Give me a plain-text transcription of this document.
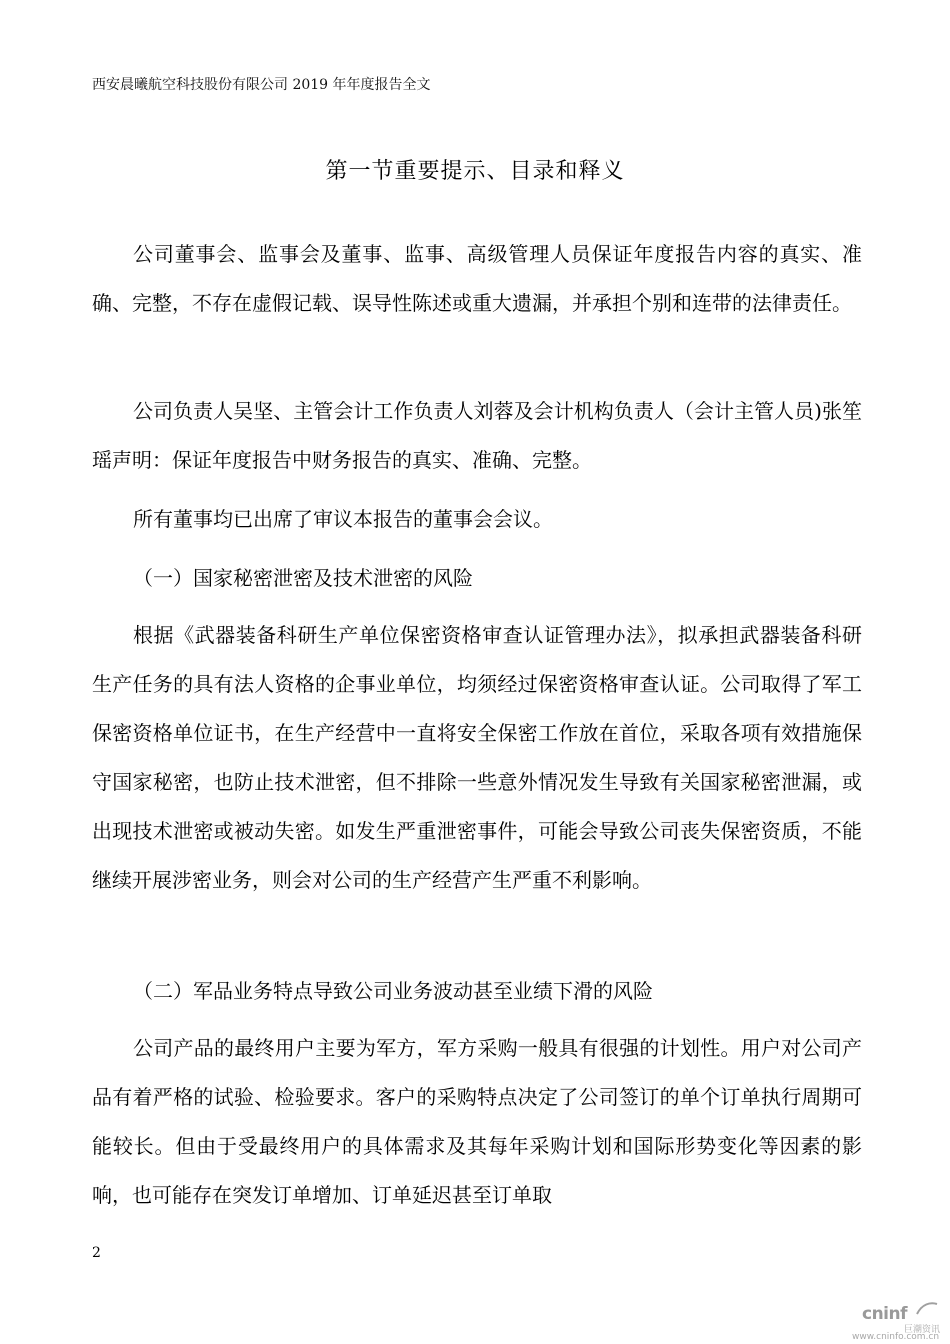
西安晨曦航空科技股份有限公司 2019 年年度报告全文
第一节重要提示、目录和释义

公司董事会、监事会及董事、监事、高级管理人员保证年度报告内容的真实、准确、完整，不存在虚假记载、误导性陈述或重大遗漏，并承担个别和连带的法律责任。

公司负责人吴坚、主管会计工作负责人刘蓉及会计机构负责人（会计主管人员)张笙瑶声明：保证年度报告中财务报告的真实、准确、完整。

所有董事均已出席了审议本报告的董事会会议。

（一）国家秘密泄密及技术泄密的风险

根据《武器装备科研生产单位保密资格审查认证管理办法》，拟承担武器装备科研生产任务的具有法人资格的企事业单位，均须经过保密资格审查认证。公司取得了军工保密资格单位证书，在生产经营中一直将安全保密工作放在首位，采取各项有效措施保守国家秘密，也防止技术泄密，但不排除一些意外情况发生导致有关国家秘密泄漏，或出现技术泄密或被动失密。如发生严重泄密事件，可能会导致公司丧失保密资质，不能继续开展涉密业务，则会对公司的生产经营产生严重不利影响。

（二）军品业务特点导致公司业务波动甚至业绩下滑的风险

公司产品的最终用户主要为军方，军方采购一般具有很强的计划性。用户对公司产品有着严格的试验、检验要求。客户的采购特点决定了公司签订的单个订单执行周期可能较长。但由于受最终用户的具体需求及其每年采购计划和国际形势变化等因素的影响，也可能存在突发订单增加、订单延迟甚至订单取

2
cninf
巨潮资讯
www.cninfo.com.cn
